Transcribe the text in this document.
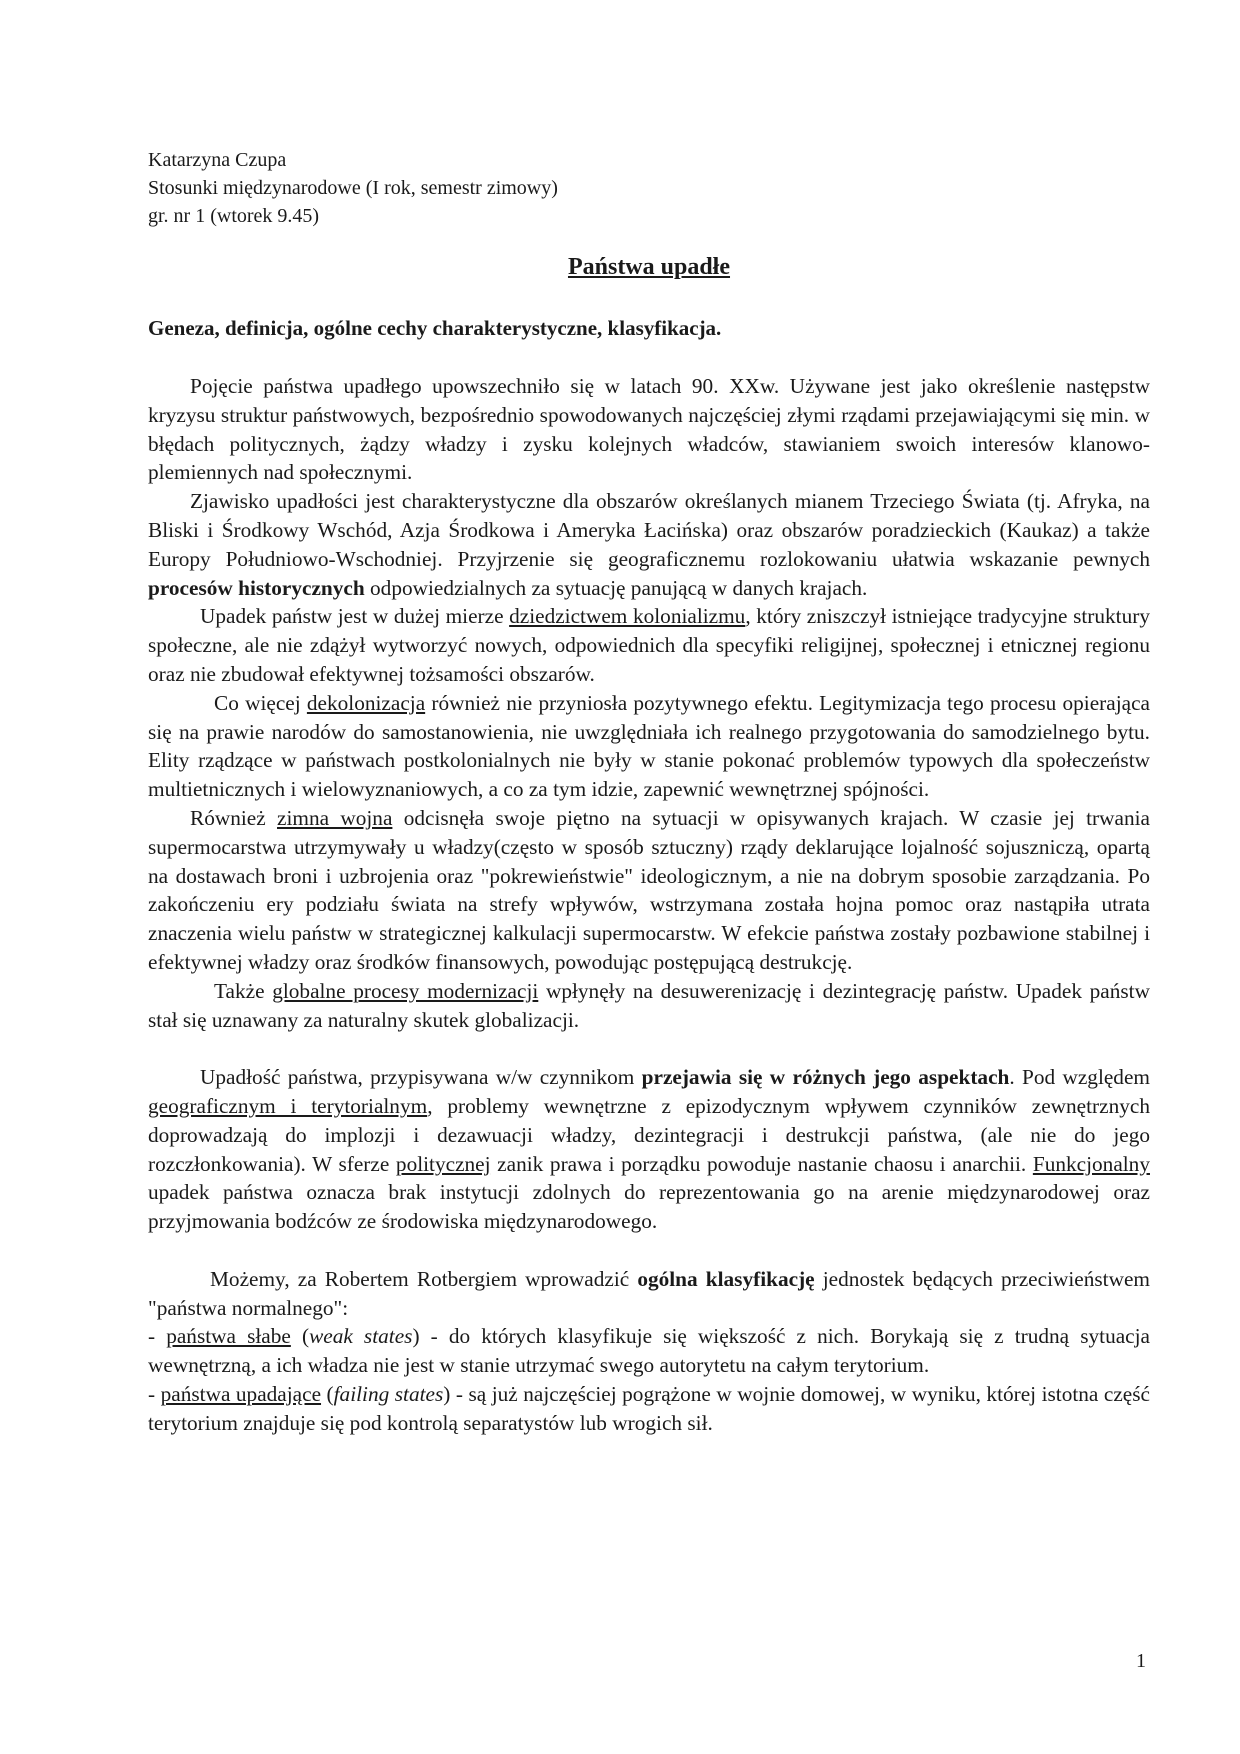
Katarzyna Czupa

Stosunki międzynarodowe (I rok, semestr zimowy)

gr. nr 1 (wtorek 9.45)

Państwa upadłe
Geneza, definicja, ogólne cechy charakterystyczne, klasyfikacja.

Pojęcie państwa upadłego upowszechniło się w latach 90. XXw. Używane jest jako określenie następstw kryzysu struktur państwowych, bezpośrednio spowodowanych najczęściej złymi rządami przejawiającymi się min. w błędach politycznych, żądzy władzy i zysku kolejnych władców, stawianiem swoich interesów klanowo-plemiennych nad społecznymi.

Zjawisko upadłości jest charakterystyczne dla obszarów określanych mianem Trzeciego Świata (tj. Afryka, na Bliski i Środkowy Wschód, Azja Środkowa i Ameryka Łacińska) oraz obszarów poradzieckich (Kaukaz) a także Europy Południowo-Wschodniej. Przyjrzenie się geograficznemu rozlokowaniu ułatwia wskazanie pewnych procesów historycznych odpowiedzialnych za sytuację panującą w danych krajach.

Upadek państw jest w dużej mierze dziedzictwem kolonializmu, który zniszczył istniejące tradycyjne struktury społeczne, ale nie zdążył wytworzyć nowych, odpowiednich dla specyfiki religijnej, społecznej i etnicznej regionu oraz nie zbudował efektywnej tożsamości obszarów.

Co więcej dekolonizacja również nie przyniosła pozytywnego efektu. Legitymizacja tego procesu opierająca się na prawie narodów do samostanowienia, nie uwzględniała ich realnego przygotowania do samodzielnego bytu. Elity rządzące w państwach postkolonialnych nie były w stanie pokonać problemów typowych dla społeczeństw multietnicznych i wielowyznaniowych, a co za tym idzie, zapewnić wewnętrznej spójności.

Również zimna wojna odcisnęła swoje piętno na sytuacji w opisywanych krajach. W czasie jej trwania supermocarstwa utrzymywały u władzy(często w sposób sztuczny) rządy deklarujące lojalność sojuszniczą, opartą na dostawach broni i uzbrojenia oraz "pokrewieństwie" ideologicznym, a nie na dobrym sposobie zarządzania. Po zakończeniu ery podziału świata na strefy wpływów, wstrzymana została hojna pomoc oraz nastąpiła utrata znaczenia wielu państw w strategicznej kalkulacji supermocarstw. W efekcie państwa zostały pozbawione stabilnej i efektywnej władzy oraz środków finansowych, powodując postępującą destrukcję.

Także globalne procesy modernizacji wpłynęły na desuwerenizację i dezintegrację państw. Upadek państw stał się uznawany za naturalny skutek globalizacji.

Upadłość państwa, przypisywana w/w czynnikom przejawia się w różnych jego aspektach. Pod względem geograficznym i terytorialnym, problemy wewnętrzne z epizodycznym wpływem czynników zewnętrznych doprowadzają do implozji i dezawuacji władzy, dezintegracji i destrukcji państwa, (ale nie do jego rozczłonkowania). W sferze politycznej zanik prawa i porządku powoduje nastanie chaosu i anarchii. Funkcjonalny upadek państwa oznacza brak instytucji zdolnych do reprezentowania go na arenie międzynarodowej oraz przyjmowania bodźców ze środowiska międzynarodowego.

Możemy, za Robertem Rotbergiem wprowadzić ogólna klasyfikację jednostek będących przeciwieństwem "państwa normalnego":

- państwa słabe (weak states) - do których klasyfikuje się większość z nich. Borykają się z trudną sytuacja wewnętrzną, a ich władza nie jest w stanie utrzymać swego autorytetu na całym terytorium.

- państwa upadające (failing states) - są już najczęściej pogrążone w wojnie domowej, w wyniku, której istotna część terytorium znajduje się pod kontrolą separatystów lub wrogich sił.

1
